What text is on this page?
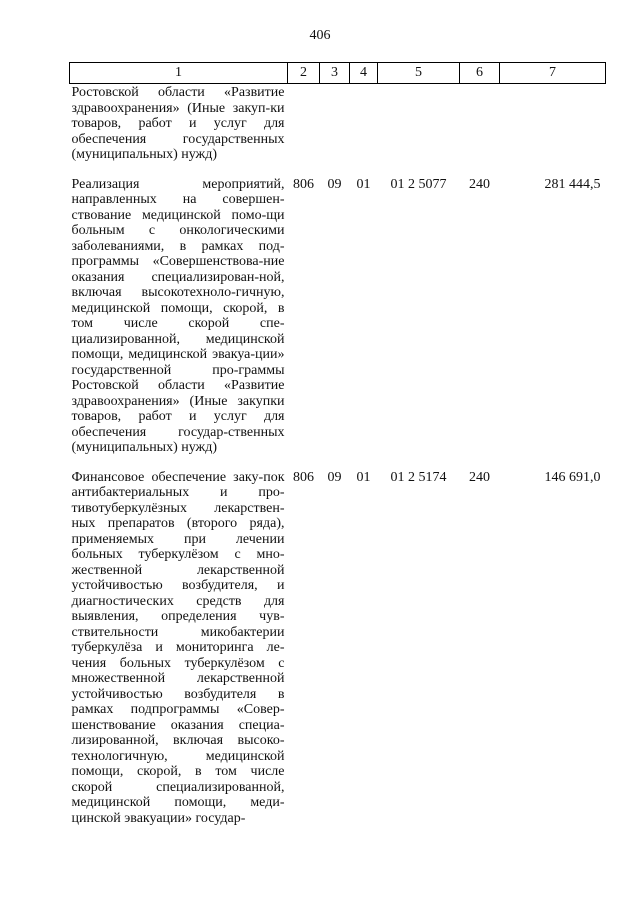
406
1	2	3	4	5	6	7

Ростовской области «Развитие здравоохранения» (Иные закуп-ки товаров, работ и услуг для обеспечения государственных (муниципальных) нужд)						

Реализация мероприятий, направленных на совершен-ствование медицинской помо-щи больным с онкологическими заболеваниями, в рамках под-программы «Совершенствова-ние оказания специализирован-ной, включая высокотехноло-гичную, медицинской помощи, скорой, в том числе скорой спе-циализированной, медицинской помощи, медицинской эвакуа-ции» государственной про-граммы Ростовской области «Развитие здравоохранения» (Иные закупки товаров, работ и услуг для обеспечения государ-ственных (муниципальных) нужд)	806	09	01	01 2 5077	240	281 444,5

Финансовое обеспечение заку-пок антибактериальных и про-тивотуберкулёзных лекарствен-ных препаратов (второго ряда), применяемых при лечении больных туберкулёзом с мно-жественной лекарственной устойчивостью возбудителя, и диагностических средств для выявления, определения чув-ствительности микобактерии туберкулёза и мониторинга ле-чения больных туберкулёзом с множественной лекарственной устойчивостью возбудителя в рамках подпрограммы «Совер-шенствование оказания специа-лизированной, включая высоко-технологичную, медицинской помощи, скорой, в том числе скорой специализированной, медицинской помощи, меди-цинской эвакуации» государ-	806	09	01	01 2 5174	240	146 691,0
